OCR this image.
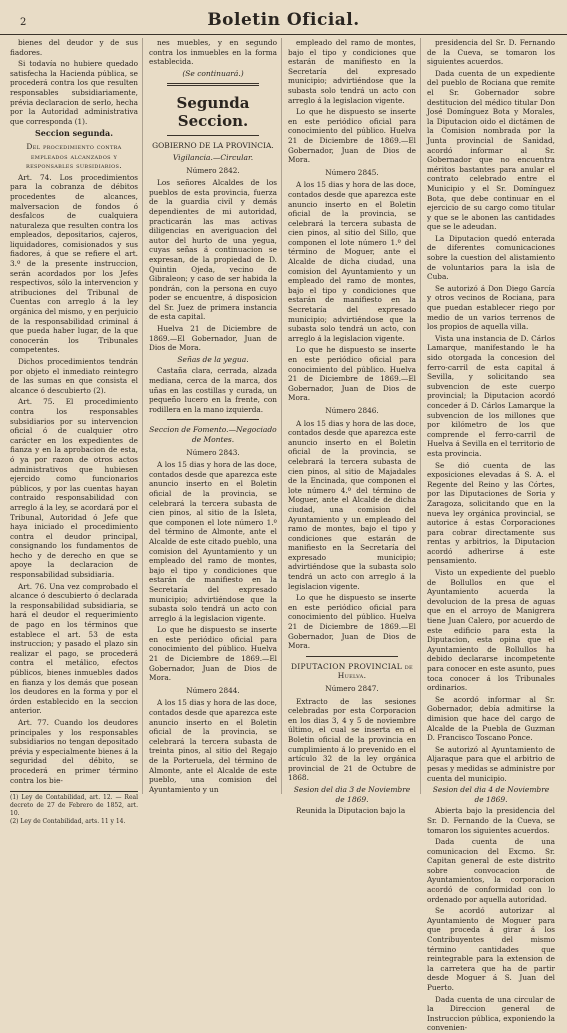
2	Boletin Oficial.

bienes del deudor y de sus fiadores.

Si todavía no hubiere quedado satisfecha la Hacienda pública, se procederá contra los que resulten responsables subsidiariamente, prévia declaracion de serlo, hecha por la Autoridad administrativa que corresponda (1).

Seccion segunda.
Del procedimiento contra empleados alcanzados y responsables subsidiarios.

Art. 74. Los procedimientos para la cobranza de débitos procedentes de alcances, malversacion de fondos ó desfalcos de cualquiera naturaleza que resulten contra los empleados, depositarios, cajeros, liquidadores, comisionados y sus fiadores, á que se refiere el art. 3.º de la presente instruccion, serán acordados por los Jefes respectivos, sólo la intervencion y atribuciones del Tribunal de Cuentas con arreglo á la ley orgánica del mismo, y en perjuicio de la responsabilidad criminal á que pueda haber lugar, de la que conocerán los Tribunales competentes.

Dichos procedimientos tendrán por objeto el inmediato reintegro de las sumas en que consista el alcance ó descubierto (2).

Art. 75. El procedimiento contra los responsables subsidiarios por su intervencion oficial ó de cualquier otro carácter en los expedientes de fianza y en la aprobacion de esta, ó ya por razon de otros actos administrativos que hubiesen ejercido como funcionarios públicos, y por las cuentas hayan contraido responsabilidad con arreglo á la ley, se acordará por el Tribunal, Autoridad ó Jefe que haya iniciado el procedimiento contra el deudor principal, consignando los fundamentos de hecho y de derecho en que se apoye la declaracion de responsabilidad subsidiaria.

Art. 76. Una vez comprobado el alcance ó descubierto ó declarada la responsabilidad subsidiaria, se hará el deudor el requerimiento de pago en los términos que establece el art. 53 de esta instruccion; y pasado el plazo sin realizar el pago, se procederá contra el metálico, efectos públicos, bienes inmuebles dados en fianza y los demás que posean los deudores en la forma y por el órden establecido en la seccion anterior.

Art. 77. Cuando los deudores principales y los responsables subsidiarios no tengan depositado prévia y especialmente bienes á la seguridad del débito, se procederá en primer término contra los bie-

(1) Ley de Contabilidad, art. 12. — Real decreto de 27 de Febrero de 1852, art. 10.
(2) Ley de Contabilidad, arts. 11 y 14.

nes muebles, y en segundo contra los inmuebles en la forma establecida.

(Se continuará.)
Segunda Seccion.
GOBIERNO DE LA PROVINCIA.
Vigilancia.—Circular.
Número 2842.

Los señores Alcaldes de los pueblos de esta provincia, fuerza de la guardia civil y demás dependientes de mi autoridad, practicarán las mas activas diligencias en averiguacion del autor del hurto de una yegua, cuyas señas á continuacion se expresan, de la propiedad de D. Quintin Ojeda, vecino de Gibraleon; y caso de ser habida la pondrán, con la persona en cuyo poder se encuentre, á disposicion del Sr. Juez de primera instancia de esta capital.

Huelva 21 de Diciembre de 1869.—El Gobernador, Juan de Dios de Mora.

Señas de la yegua.

Castaña clara, cerrada, alzada mediana, cerca de la marca, dos uñas en las costillas y curada, un pequeño lucero en la frente, con rodillera en la mano izquierda.

Seccion de Fomento.—Negociado de Montes.
Número 2843.

A los 15 dias y hora de las doce, contados desde que aparezca este anuncio inserto en el Boletin oficial de la provincia, se celebrará la tercera subasta de cien pinos, al sitio de la Isleta, que componen el lote número 1.º del término de Almonte, ante el Alcalde de este citado pueblo, una comision del Ayuntamiento y un empleado del ramo de montes, bajo el tipo y condiciones que estarán de manifiesto en la Secretaría del expresado municipio; advirtiéndose que la subasta solo tendrá un acto con arreglo á la legislacion vigente.

Lo que he dispuesto se inserte en este periódico oficial para conocimiento del público. Huelva 21 de Diciembre de 1869.—El Gobernador, Juan de Dios de Mora.

Número 2844.

A los 15 dias y hora de las doce, contados desde que aparezca este anuncio inserto en el Boletin oficial de la provincia, se celebrará la tercera subasta de treinta pinos, al sitio del Regajo de la Porteruela, del término de Almonte, ante el Alcalde de este pueblo, una comision del Ayuntamiento y un

empleado del ramo de montes, bajo el tipo y condiciones que estarán de manifiesto en la Secretaría del expresado municipio; advirtiéndose que la subasta solo tendrá un acto con arreglo á la legislacion vigente.

Lo que he dispuesto se inserte en este periódico oficial para conocimiento del público. Huelva 21 de Diciembre de 1869.—El Gobernador, Juan de Dios de Mora.

Número 2845.

A los 15 dias y hora de las doce, contados desde que aparezca este anuncio inserto en el Boletin oficial de la provincia, se celebrará la tercera subasta de cien pinos, al sitio del Sillo, que componen el lote número 1.º del término de Moguer, ante el Alcalde de dicha ciudad, una comision del Ayuntamiento y un empleado del ramo de montes, bajo el tipo y condiciones que estarán de manifiesto en la Secretaría del expresado municipio; advirtiéndose que la subasta solo tendrá un acto, con arreglo á la legislacion vigente.

Lo que he dispuesto se inserte en este periódico oficial para conocimiento del público. Huelva 21 de Diciembre de 1869.—El Gobernador, Juan de Dios de Mora.

Número 2846.

A los 15 dias y hora de las doce, contados desde que aparezca este anuncio inserto en el Boletin oficial de la provincia, se celebrará la tercera subasta de cien pinos, al sitio de Majadales de la Encinada, que componen el lote número 4.º del término de Moguer, ante el Alcalde de dicha ciudad, una comision del Ayuntamiento y un empleado del ramo de montes, bajo el tipo y condiciones que estarán de manifiesto en la Secretaría del expresado municipio; advirtiéndose que la subasta solo tendrá un acto con arreglo á la legislacion vigente.

Lo que he dispuesto se inserte en este periódico oficial para conocimiento del público. Huelva 21 de Diciembre de 1869.—El Gobernador, Juan de Dios de Mora.

DIPUTACION PROVINCIAL de Huelva.
Número 2847.

Extracto de las sesiones celebradas por esta Corporacion en los dias 3, 4 y 5 de noviembre último, el cual se inserta en el Boletin oficial de la provincia en cumplimiento á lo prevenido en el artículo 32 de la ley orgánica provincial de 21 de Octubre de 1868.

Sesion del dia 3 de Noviembre de 1869.

Reunida la Diputacion bajo la

presidencia del Sr. D. Fernando de la Cueva, se tomaron los siguientes acuerdos.

Dada cuenta de un expediente del pueblo de Rociana que remite el Sr. Gobernador sobre destitucion del médico titular Don José Domínguez Bota y Morales, la Diputacion oido el dictámen de la Comision nombrada por la Junta provincial de Sanidad, acordó informar al Sr. Gobernador que no encuentra méritos bastantes para anular el contrato celebrado entre el Municipio y el Sr. Domínguez Bota, que debe continuar en el ejercicio de su cargo como titular y que se le abonen las cantidades que se le adeudan.

La Diputacion quedó enterada de diferentes comunicaciones sobre la cuestion del alistamiento de voluntarios para la isla de Cuba.

Se autorizó á Don Diego García y otros vecinos de Rociana, para que puedan establecer riego por medio de un varios terrenos de los propios de aquella villa.

Vista una instancia de D. Cárlos Lamarque, manifestando le ha sido otorgada la concesion del ferro-carril de esta capital á Sevilla, y solicitando sea subvencion de este cuerpo provincial; la Diputacion acordó conceder á D. Cárlos Lamarque la subvencion de los millones que por kilómetro de los que comprende el ferro-carril de Huelva á Sevilla en el territorio de esta provincia.

Se dió cuenta de las exposiciones elevadas á S. A. el Regente del Reino y las Córtes, por las Diputaciones de Soria y Zaragoza, solicitando que en la nueva ley orgánica provincial, se autorice á estas Corporaciones para cobrar directamente sus rentas y arbitrios, la Diputacion acordó adherirse á este pensamiento.

Visto un expediente del pueblo de Bollullos en que el Ayuntamiento acuerda la devolucion de la presa de aguas que en el arroyo de Manigrera tiene Juan Calero, por acuerdo de este edificio para esta la Diputacion, esta opina que el Ayuntamiento de Bollullos ha debido declararse incompetente para conocer en este asunto, pues toca conocer á los Tribunales ordinarios.

Se acordó informar al Sr. Gobernador, debía admitirse la dimision que hace del cargo de Alcalde de la Puebla de Guzman D. Francisco Toscano Ponce.

Se autorizó al Ayuntamiento de Aljaraque para que el arbitrio de pesas y medidas se administre por cuenta del municipio.

Sesion del dia 4 de Noviembre de 1869.

Abierta bajo la presidencia del Sr. D. Fernando de la Cueva, se tomaron los siguientes acuerdos.

Dada cuenta de una comunicacion del Excmo. Sr. Capitan general de este distrito sobre convocacion de Ayuntamientos, la corporacion acordó de conformidad con lo ordenado por aquella autoridad.

Se acordó autorizar al Ayuntamiento de Moguer para que proceda á girar á los Contribuyentes del mismo término cantidades que reintegrable para la extension de la carretera que ha de partir desde Moguer á S. Juan del Puerto.

Dada cuenta de una circular de la Direccion general de Instruccion pública, exponiendo la convenien-
